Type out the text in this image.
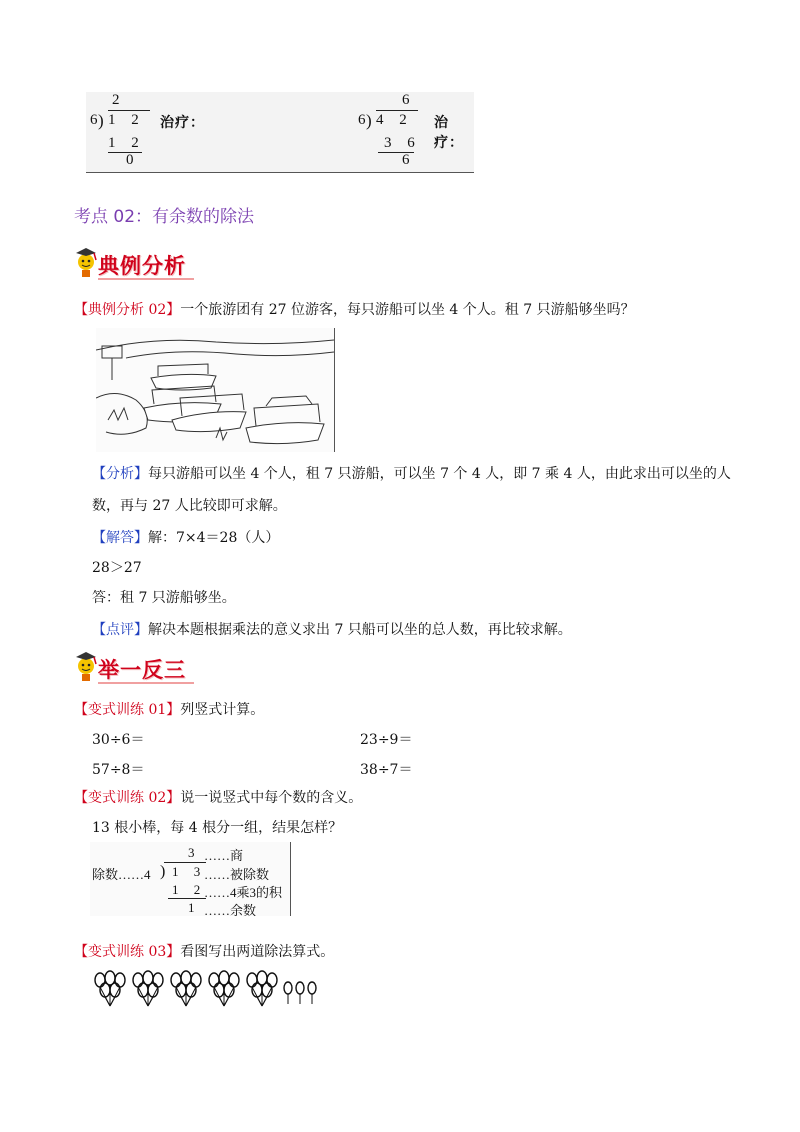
2
6 ) 1 2
1 2
0
治疗：
6
6 ) 4 2
3 6
6
治疗：
考点 02：有余数的除法
典例分析
【典例分析 02】一个旅游团有 27 位游客，每只游船可以坐 4 个人。租 7 只游船够坐吗？
【分析】每只游船可以坐 4 个人，租 7 只游船，可以坐 7 个 4 人，即 7 乘 4 人，由此求出可以坐的人
数，再与 27 人比较即可求解。
【解答】解：7×4＝28（人）
28＞27
答：租 7 只游船够坐。
【点评】解决本题根据乘法的意义求出 7 只船可以坐的总人数，再比较求解。
举一反三
【变式训练 01】列竖式计算。
30÷6＝	23÷9＝
57÷8＝	38÷7＝
【变式训练 02】说一说竖式中每个数的含义。
13 根小棒，每 4 根分一组，结果怎样？
除数……4 )
3
1 3
1 2
1
……商
……被除数
……4乘3的积
……余数
【变式训练 03】看图写出两道除法算式。
